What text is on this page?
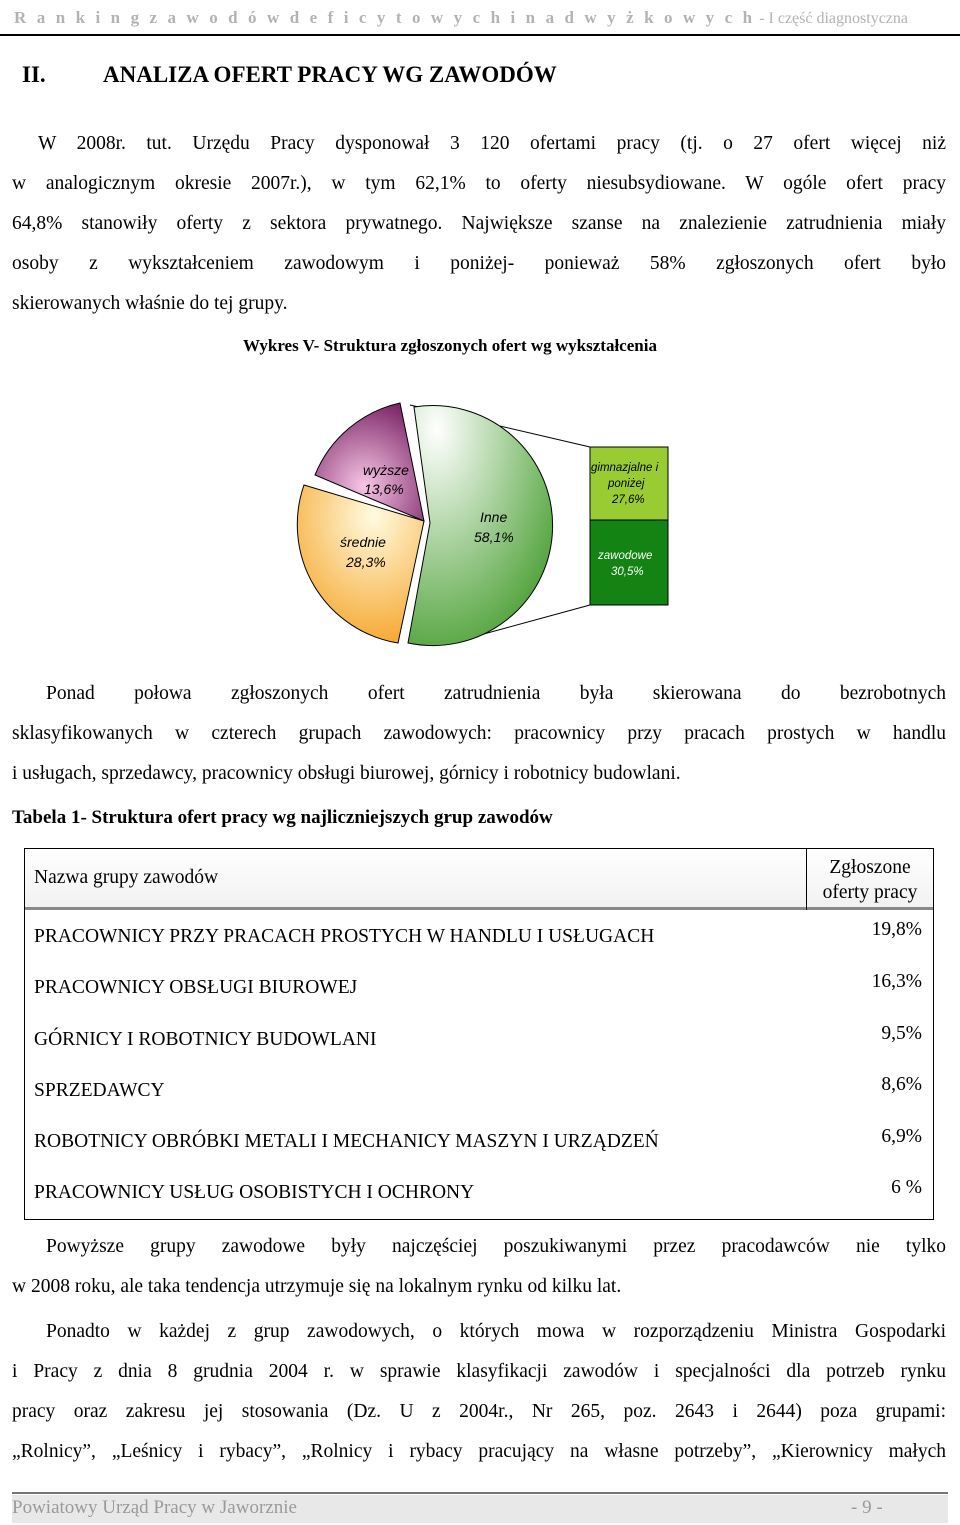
R a n k i n g z a w o d ó w d e f i c y t o w y c h i n a d w y ż k o w y c h - I część diagnostyczna
II. ANALIZA OFERT PRACY WG ZAWODÓW
W 2008r. tut. Urzędu Pracy dysponował 3 120 ofertami pracy (tj. o 27 ofert więcej niż
w analogicznym okresie 2007r.), w tym 62,1% to oferty niesubsydiowane. W ogóle ofert pracy
64,8% stanowiły oferty z sektora prywatnego. Największe szanse na znalezienie zatrudnienia miały
osoby z wykształceniem zawodowym i poniżej- ponieważ 58% zgłoszonych ofert było
skierowanych właśnie do tej grupy.
Wykres V- Struktura zgłoszonych ofert wg wykształcenia
wyższe
13,6%
średnie
28,3%
Inne
58,1%
gimnazjalne i
poniżej
27,6%
zawodowe
30,5%
Ponad połowa zgłoszonych ofert zatrudnienia była skierowana do bezrobotnych
sklasyfikowanych w czterech grupach zawodowych: pracownicy przy pracach prostych w handlu
i usługach, sprzedawcy, pracownicy obsługi biurowej, górnicy i robotnicy budowlani.
Tabela 1- Struktura ofert pracy wg najliczniejszych grup zawodów
Nazwa grupy zawodów	Zgłoszone
oferty pracy
PRACOWNICY PRZY PRACACH PROSTYCH W HANDLU I USŁUGACH	19,8%
PRACOWNICY OBSŁUGI BIUROWEJ	16,3%
GÓRNICY I ROBOTNICY BUDOWLANI	9,5%
SPRZEDAWCY	8,6%
ROBOTNICY OBRÓBKI METALI I MECHANICY MASZYN I URZĄDZEŃ	6,9%
PRACOWNICY USŁUG OSOBISTYCH I OCHRONY	6 %
Powyższe grupy zawodowe były najczęściej poszukiwanymi przez pracodawców nie tylko
w 2008 roku, ale taka tendencja utrzymuje się na lokalnym rynku od kilku lat.
Ponadto w każdej z grup zawodowych, o których mowa w rozporządzeniu Ministra Gospodarki
i Pracy z dnia 8 grudnia 2004 r. w sprawie klasyfikacji zawodów i specjalności dla potrzeb rynku
pracy oraz zakresu jej stosowania (Dz. U z 2004r., Nr 265, poz. 2643 i 2644) poza grupami:
„Rolnicy”, „Leśnicy i rybacy”, „Rolnicy i rybacy pracujący na własne potrzeby”, „Kierownicy małych
Powiatowy Urząd Pracy w Jaworznie	- 9 -
